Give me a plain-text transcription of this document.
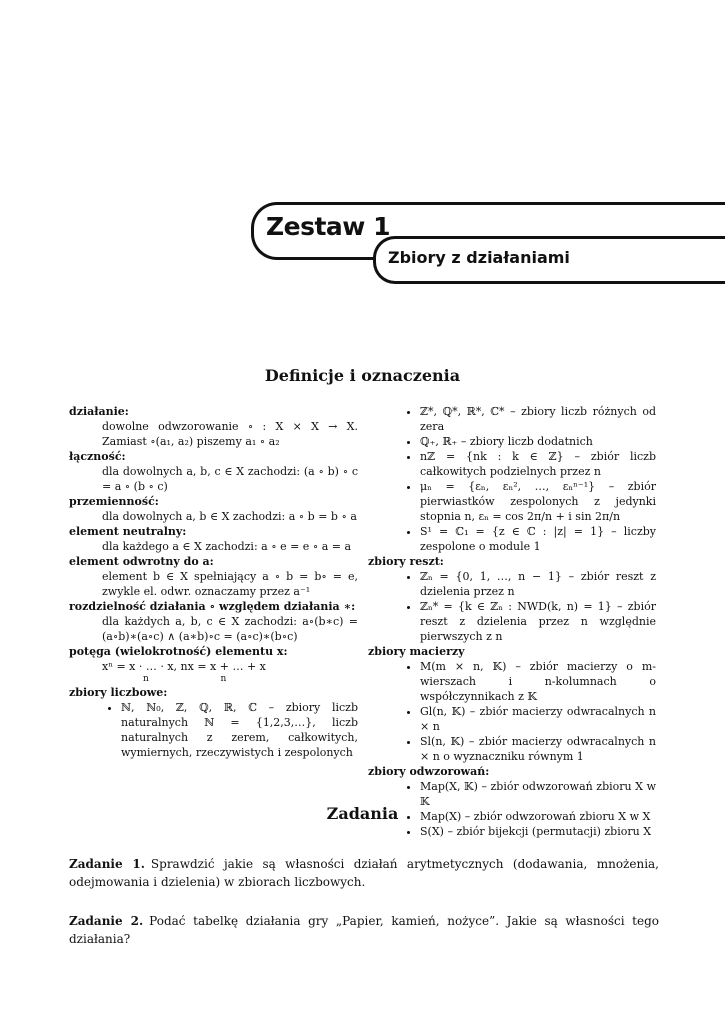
Zestaw 1
Zbiory z działaniami
Definicje i oznaczenia
działanie:
dowolne odwzorowanie ∘ : X × X → X. Zamiast ∘(a₁, a₂) piszemy a₁ ∘ a₂
łączność:
dla dowolnych a, b, c ∈ X zachodzi: (a ∘ b) ∘ c = a ∘ (b ∘ c)
przemienność:
dla dowolnych a, b ∈ X zachodzi: a ∘ b = b ∘ a
element neutralny:
dla każdego a ∈ X zachodzi: a ∘ e = e ∘ a = a
element odwrotny do a:
element b ∈ X spełniający a ∘ b = b∘ = e, zwykle el. odwr. oznaczamy przez a⁻¹
rozdzielność działania ∘ względem działania ∗:
dla każdych a, b, c ∈ X zachodzi: a∘(b∗c) = (a∘b)∗(a∘c) ∧ (a∗b)∘c = (a∘c)∗(b∘c)
potęga (wielokrotność) elementu x:
xⁿ = x · … · x, nx = x + … + x
n	n
zbiory liczbowe:
• ℕ, ℕ₀, ℤ, ℚ, ℝ, ℂ – zbiory liczb naturalnych ℕ = {1,2,3,…}, liczb naturalnych z zerem, całkowitych, wymiernych, rzeczywistych i zespolonych
• ℤ*, ℚ*, ℝ*, ℂ* – zbiory liczb różnych od zera
• ℚ₊, ℝ₊ – zbiory liczb dodatnich
• nℤ = {nk : k ∈ ℤ} – zbiór liczb całkowitych podzielnych przez n
• μₙ = {εₙ, εₙ², …, εₙⁿ⁻¹} – zbiór pierwiastków zespolonych z jedynki stopnia n, εₙ = cos 2π/n + i sin 2π/n
• S¹ = ℂ₁ = {z ∈ ℂ : |z| = 1} – liczby zespolone o module 1
zbiory reszt:
• ℤₙ = {0, 1, …, n − 1} – zbiór reszt z dzielenia przez n
• ℤₙ* = {k ∈ ℤₙ : NWD(k, n) = 1} – zbiór reszt z dzielenia przez n względnie pierwszych z n
zbiory macierzy
• M(m × n, 𝕂) – zbiór macierzy o m-wierszach i n-kolumnach o współczynnikach z 𝕂
• Gl(n, 𝕂) – zbiór macierzy odwracalnych n × n
• Sl(n, 𝕂) – zbiór macierzy odwracalnych n × n o wyznaczniku równym 1
zbiory odwzorowań:
• Map(X, 𝕂) – zbiór odwzorowań zbioru X w 𝕂
• Map(X) – zbiór odwzorowań zbioru X w X
• S(X) – zbiór bijekcji (permutacji) zbioru X
Zadania
Zadanie 1. Sprawdzić jakie są własności działań arytmetycznych (dodawania, mnożenia, odejmowania i dzielenia) w zbiorach liczbowych.
Zadanie 2. Podać tabelkę działania gry „Papier, kamień, nożyce”. Jakie są własności tego działania?
